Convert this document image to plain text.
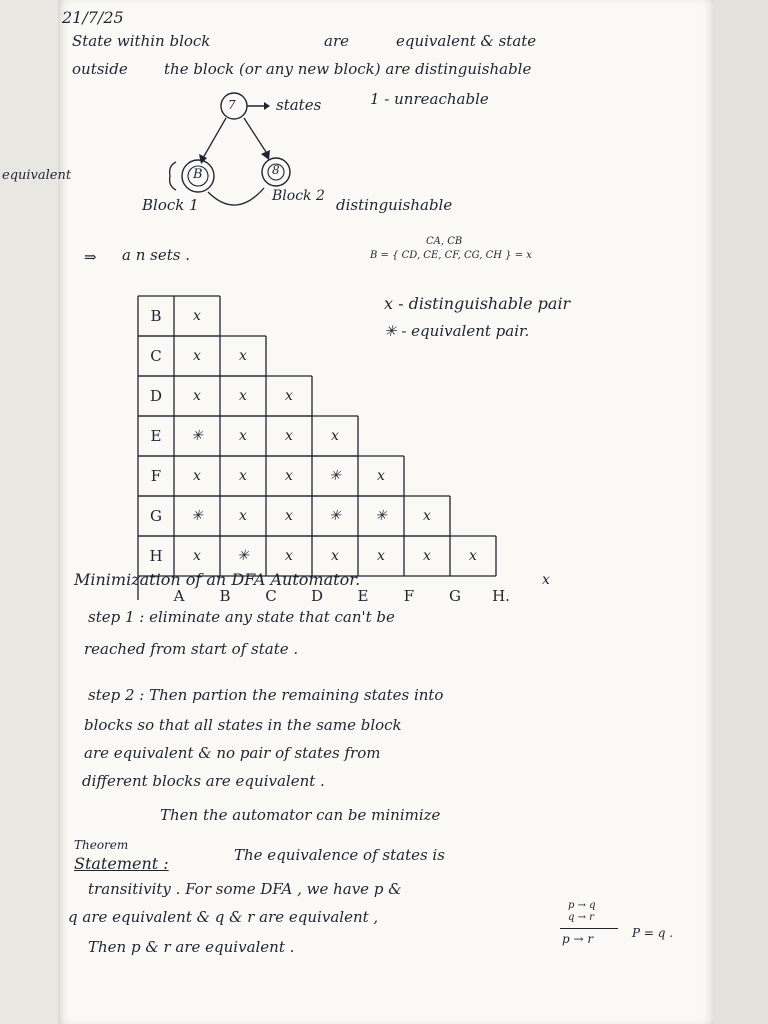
21/7/25
State within block	are	equivalent & state
outside the block (or any new block) are distinguishable
7	states	1 - unreachable
B	8
equivalent
Block 1	Block 2 distinguishable
⇒ a n sets .
CA, CB
B = { CD, CE, CF, CG, CH } = x
x - distinguishable pair
✳ - equivalent pair.
B	x
C	x	x
D	x	x	x
E	✳	x	x	x
F	x	x	x	✳	x
G	✳	x	x	✳	✳	x
H	x	✳	x	x	x	x	x
A	B	C	D	E	F	G	H.
x
Minimization of an DFA Automator.
step 1 : eliminate any state that can't be
reached from start of state .
step 2 : Then partion the remaining states into
blocks so that all states in the same block
are equivalent & no pair of states from
different blocks are equivalent .
Then the automator can be minimize
Theorem
Statement :	The equivalence of states is
transitivity . For some DFA , we have p &
q are equivalent & q & r are equivalent ,
Then p & r are equivalent .
p → q
q → r
p → r	P = q .
